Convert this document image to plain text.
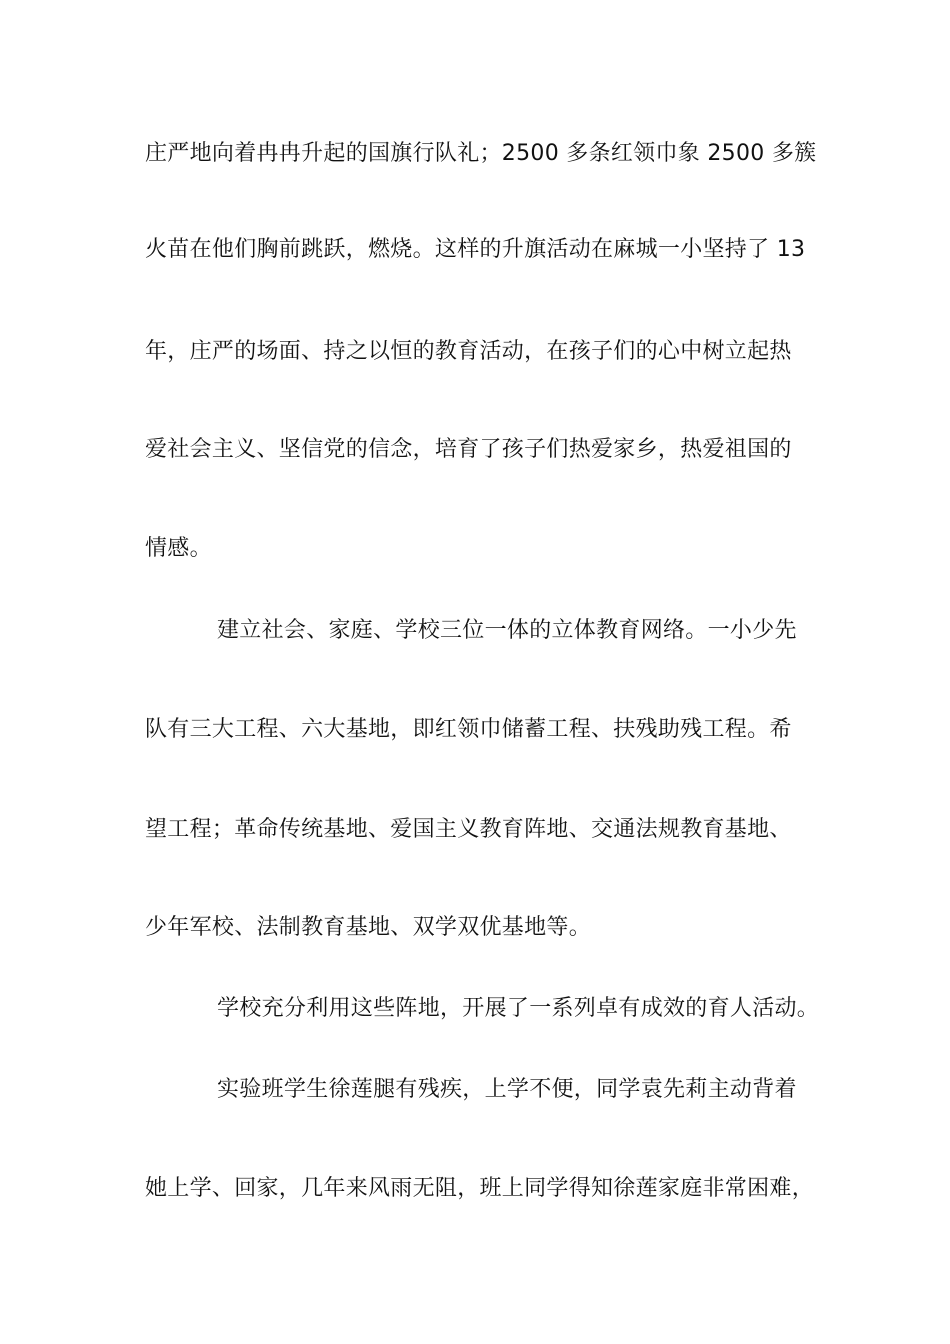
庄严地向着冉冉升起的国旗行队礼；2500 多条红领巾象 2500 多簇
火苗在他们胸前跳跃，燃烧。这样的升旗活动在麻城一小坚持了 13
年，庄严的场面、持之以恒的教育活动，在孩子们的心中树立起热
爱社会主义、坚信党的信念，培育了孩子们热爱家乡，热爱祖国的
情感。
建立社会、家庭、学校三位一体的立体教育网络。一小少先
队有三大工程、六大基地，即红领巾储蓄工程、扶残助残工程。希
望工程；革命传统基地、爱国主义教育阵地、交通法规教育基地、
少年军校、法制教育基地、双学双优基地等。
学校充分利用这些阵地，开展了一系列卓有成效的育人活动。
实验班学生徐莲腿有残疾，上学不便，同学袁先莉主动背着
她上学、回家，几年来风雨无阻，班上同学得知徐莲家庭非常困难，
